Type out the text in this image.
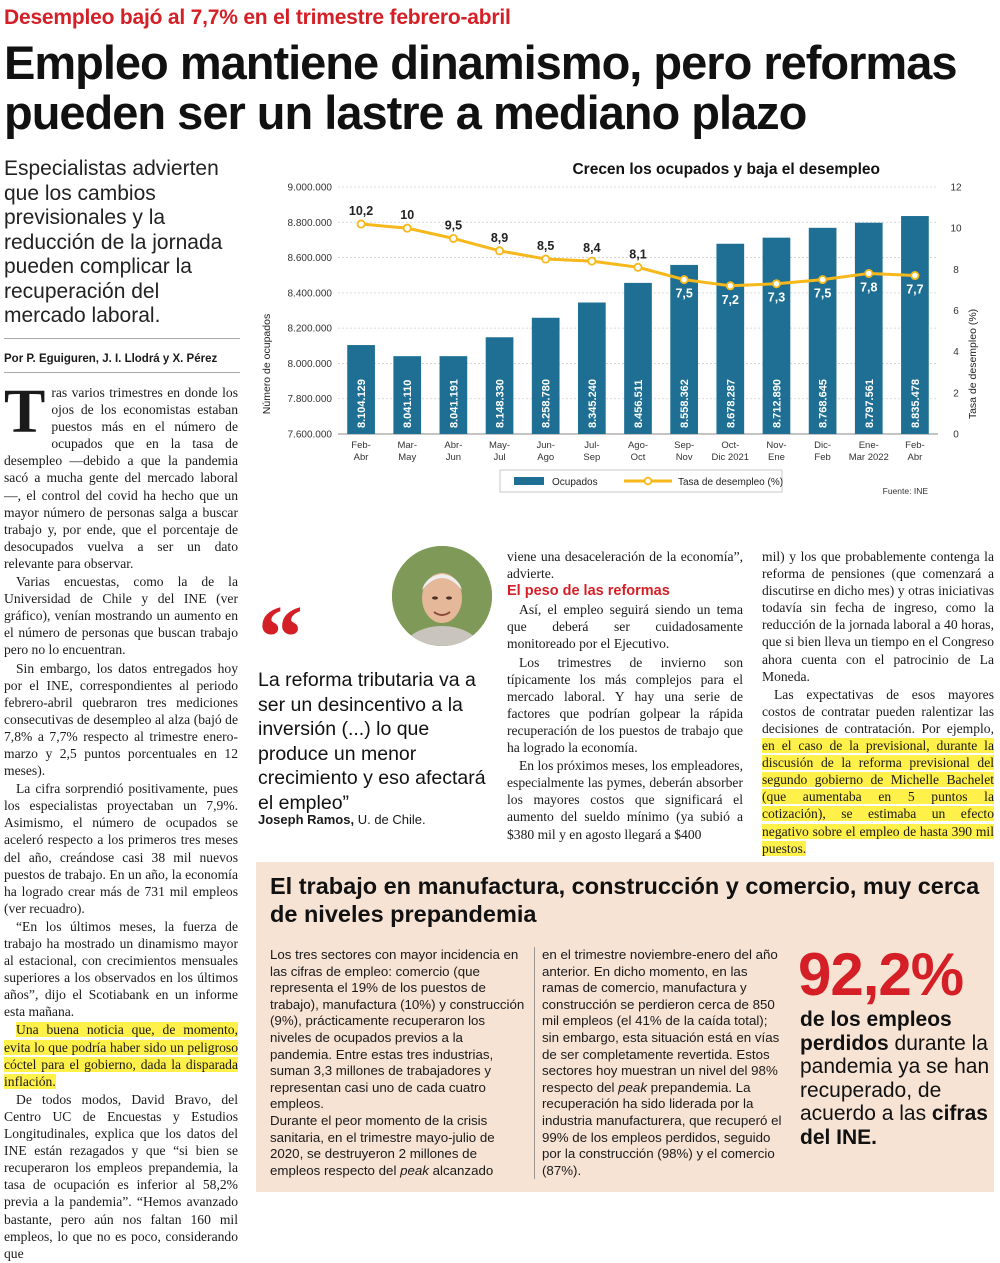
Desempleo bajó al 7,7% en el trimestre febrero-abril
Empleo mantiene dinamismo, pero reformas pueden ser un lastre a mediano plazo
Especialistas advierten que los cambios previsionales y la reducción de la jornada pueden complicar la recuperación del mercado laboral.
Por P. Eguiguren, J. I. Llodrá y X. Pérez

Tras varios trimestres en donde los ojos de los economistas estaban puestos más en el número de ocupados que en la tasa de desempleo —debido a que la pandemia sacó a mucha gente del mercado laboral—, el control del covid ha hecho que un mayor número de personas salga a buscar trabajo y, por ende, que el porcentaje de desocupados vuelva a ser un dato relevante para observar.

Varias encuestas, como la de la Universidad de Chile y del INE (ver gráfico), venían mostrando un aumento en el número de personas que buscan trabajo pero no lo encuentran.

Sin embargo, los datos entregados hoy por el INE, correspondientes al periodo febrero-abril quebraron tres mediciones consecutivas de desempleo al alza (bajó de 7,8% a 7,7% respecto al trimestre enero-marzo y 2,5 puntos porcentuales en 12 meses).

La cifra sorprendió positivamente, pues los especialistas proyectaban un 7,9%. Asimismo, el número de ocupados se aceleró respecto a los primeros tres meses del año, creándose casi 38 mil nuevos puestos de trabajo. En un año, la economía ha logrado crear más de 731 mil empleos (ver recuadro).

“En los últimos meses, la fuerza de trabajo ha mostrado un dinamismo mayor al estacional, con crecimientos mensuales superiores a los observados en los últimos años”, dijo el Scotiabank en un informe esta mañana.

Una buena noticia que, de momento, evita lo que podría haber sido un peligroso cóctel para el gobierno, dada la disparada inflación.

De todos modos, David Bravo, del Centro UC de Encuestas y Estudios Longitudinales, explica que los datos del INE están rezagados y que “si bien se recuperaron los empleos prepandemia, la tasa de ocupación es inferior al 58,2% previa a la pandemia”. “Hemos avanzado bastante, pero aún nos faltan 160 mil empleos, lo que no es poco, considerando que

Crecen los ocupados y baja el desempleo
Número de ocupados	Tasa de desempleo (%)
9.000.000
8.800.000
8.600.000
8.400.000
8.200.000
8.000.000
7.800.000
7.600.000
12
10
8
6
4
2
0
8.104.129	8.041.110	8.041.191	8.148.330	8.258.780	8.345.240	8.456.511	8.558.362	8.678.287	8.712.890	8.768.645	8.797.561	8.835.478
Feb-
Abr
Mar-
May
Abr-
Jun
May-
Jul
Jun-
Ago
Jul-
Sep
Ago-
Oct
Sep-
Nov
Oct-
Dic 2021
Nov-
Ene
Dic-
Feb
Ene-
Mar 2022
Feb-
Abr
10,2 10
9,5
8,9
8,5 8,4 8,1
7,5 7,2 7,3 7,5 7,8 7,7
Ocupados	Tasa de desempleo (%)
Fuente: INE
“
La reforma tributaria va a ser un desincentivo a la inversión (...) lo que produce un menor crecimiento y eso afectará el empleo”
Joseph Ramos, U. de Chile.

viene una desaceleración de la economía”, advierte.

El peso de las reformas

Así, el empleo seguirá siendo un tema que deberá ser cuidadosamente monitoreado por el Ejecutivo.

Los trimestres de invierno son típicamente los más complejos para el mercado laboral. Y hay una serie de factores que podrían golpear la rápida recuperación de los puestos de trabajo que ha logrado la economía.

En los próximos meses, los empleadores, especialmente las pymes, deberán absorber los mayores costos que significará el aumento del sueldo mínimo (ya subió a $380 mil y en agosto llegará a $400

mil) y los que probablemente contenga la reforma de pensiones (que comenzará a discutirse en dicho mes) y otras iniciativas todavía sin fecha de ingreso, como la reducción de la jornada laboral a 40 horas, que si bien lleva un tiempo en el Congreso ahora cuenta con el patrocinio de La Moneda.

Las expectativas de esos mayores costos de contratar pueden ralentizar las decisiones de contratación. Por ejemplo, en el caso de la previsional, durante la discusión de la reforma previsional del segundo gobierno de Michelle Bachelet (que aumentaba en 5 puntos la cotización), se estimaba un efecto negativo sobre el empleo de hasta 390 mil puestos.

El trabajo en manufactura, construcción y comercio, muy cerca de niveles prepandemia
Los tres sectores con mayor incidencia en las cifras de empleo: comercio (que representa el 19% de los puestos de trabajo), manufactura (10%) y construcción (9%), prácticamente recuperaron los niveles de ocupados previos a la pandemia. Entre estas tres industrias, suman 3,3 millones de trabajadores y representan casi uno de cada cuatro empleos.
Durante el peor momento de la crisis sanitaria, en el trimestre mayo-julio de 2020, se destruyeron 2 millones de empleos respecto del peak alcanzado
en el trimestre noviembre-enero del año anterior. En dicho momento, en las ramas de comercio, manufactura y construcción se perdieron cerca de 850 mil empleos (el 41% de la caída total); sin embargo, esta situación está en vías de ser completamente revertida. Estos sectores hoy muestran un nivel del 98% respecto del peak prepandemia. La recuperación ha sido liderada por la industria manufacturera, que recuperó el 99% de los empleos perdidos, seguido por la construcción (98%) y el comercio (87%).
92,2%
de los empleos perdidos durante la pandemia ya se han recuperado, de acuerdo a las cifras del INE.
